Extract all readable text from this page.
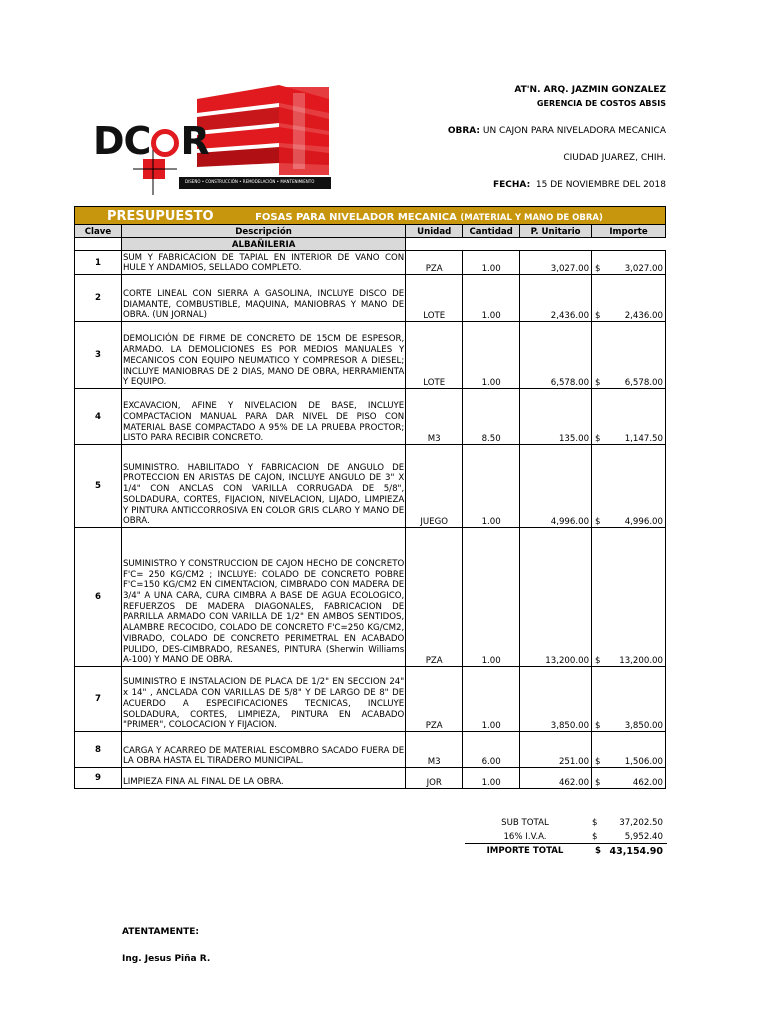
DC R
DISEÑO • CONSTRUCCIÓN • REMODELACIÓN • MANTENIMIENTO
AT'N. ARQ. JAZMIN GONZALEZ
GERENCIA DE COSTOS ABSIS
OBRA: UN CAJON PARA NIVELADORA MECANICA
CIUDAD JUAREZ, CHIH.
FECHA: 15 DE NOVIEMBRE DEL 2018
PRESUPUESTO FOSAS PARA NIVELADOR MECANICA (MATERIAL Y MANO DE OBRA)					
Clave	Descripción	Unidad	Cantidad	P. Unitario	Importe
	ALBAÑILERIA				
1	SUM Y FABRICACION DE TAPIAL EN INTERIOR DE VANO CON HULE Y ANDAMIOS, SELLADO COMPLETO.	PZA	1.00	3,027.00	$ 3,027.00
2	CORTE LINEAL CON SIERRA A GASOLINA, INCLUYE DISCO DE DIAMANTE, COMBUSTIBLE, MAQUINA, MANIOBRAS Y MANO DE OBRA. (UN JORNAL)	LOTE	1.00	2,436.00	$ 2,436.00
3	DEMOLICIÓN DE FIRME DE CONCRETO DE 15CM DE ESPESOR, ARMADO. LA DEMOLICIONES ES POR MEDIOS MANUALES Y MECANICOS CON EQUIPO NEUMATICO Y COMPRESOR A DIESEL; INCLUYE MANIOBRAS DE 2 DIAS, MANO DE OBRA, HERRAMIENTA Y EQUIPO.	LOTE	1.00	6,578.00	$ 6,578.00
4	EXCAVACION, AFINE Y NIVELACION DE BASE, INCLUYE COMPACTACION MANUAL PARA DAR NIVEL DE PISO CON MATERIAL BASE COMPACTADO A 95% DE LA PRUEBA PROCTOR; LISTO PARA RECIBIR CONCRETO.	M3	8.50	135.00	$ 1,147.50
5	SUMINISTRO. HABILITADO Y FABRICACION DE ANGULO DE PROTECCION EN ARISTAS DE CAJON, INCLUYE ANGULO DE 3" X 1/4" CON ANCLAS CON VARILLA CORRUGADA DE 5/8", SOLDADURA, CORTES, FIJACION, NIVELACION, LIJADO, LIMPIEZA Y PINTURA ANTICCORROSIVA EN COLOR GRIS CLARO Y MANO DE OBRA.	JUEGO	1.00	4,996.00	$ 4,996.00
6	SUMINISTRO Y CONSTRUCCION DE CAJON HECHO DE CONCRETO F'C= 250 KG/CM2 ; INCLUYE: COLADO DE CONCRETO POBRE F'C=150 KG/CM2 EN CIMENTACION, CIMBRADO CON MADERA DE 3/4" A UNA CARA, CURA CIMBRA A BASE DE AGUA ECOLOGICO, REFUERZOS DE MADERA DIAGONALES, FABRICACION DE PARRILLA ARMADO CON VARILLA DE 1/2" EN AMBOS SENTIDOS, ALAMBRE RECOCIDO, COLADO DE CONCRETO F'C=250 KG/CM2, VIBRADO, COLADO DE CONCRETO PERIMETRAL EN ACABADO PULIDO, DES-CIMBRADO, RESANES, PINTURA (Sherwin Williams A-100) Y MANO DE OBRA.	PZA	1.00	13,200.00	$ 13,200.00
7	SUMINISTRO E INSTALACION DE PLACA DE 1/2" EN SECCION 24" x 14" , ANCLADA CON VARILLAS DE 5/8" Y DE LARGO DE 8" DE ACUERDO A ESPECIFICACIONES TECNICAS, INCLUYE SOLDADURA, CORTES, LIMPIEZA, PINTURA EN ACABADO "PRIMER", COLOCACION Y FIJACION.	PZA	1.00	3,850.00	$ 3,850.00
8	CARGA Y ACARREO DE MATERIAL ESCOMBRO SACADO FUERA DE LA OBRA HASTA EL TIRADERO MUNICIPAL.	M3	6.00	251.00	$ 1,506.00
9	LIMPIEZA FINA AL FINAL DE LA OBRA.	JOR	1.00	462.00	$ 462.00
SUB TOTAL	$	37,202.50
16% I.V.A.	$	5,952.40
IMPORTE TOTAL	$ 43,154.90
ATENTAMENTE:
Ing. Jesus Piña R.
